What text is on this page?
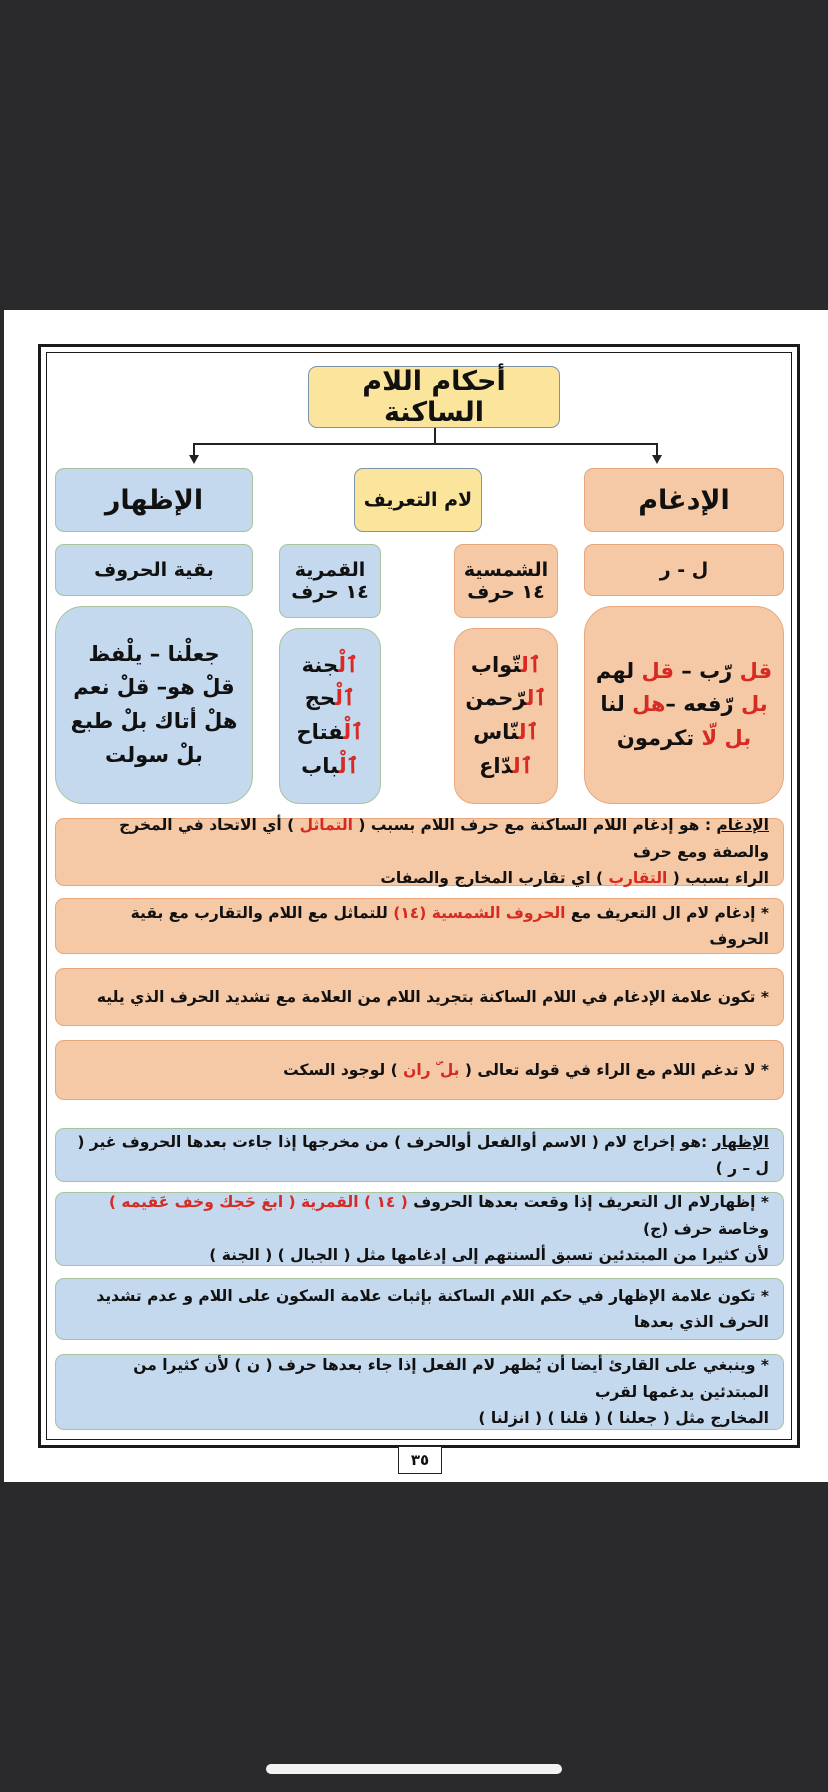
أحكام اللام الساكنة
الإدغام
لام التعريف
الإظهار
ل - ر
الشمسية
١٤ حرف
القمرية
١٤ حرف
بقية الحروف
قل رّب – قل لهم
بل رّفعه –هل لنا
بل لّا تكرمون
ٱلتّواب
ٱلرّحمن
ٱلنّاس
ٱلدّاع
ٱلْجنة
ٱلْحج
ٱلْفتاح
ٱلْباب
جعلنا – يلفظ
قلْ هو– قلْ نعم
هلْ أتاك بلْ طبع
بلْ سولت
الإدغام : هو إدغام اللام الساكنة مع حرف اللام بسبب ( التماثل ) أي الاتحاد في المخرج والصفة ومع حرف
الراء بسبب ( التقارب ) اي تقارب المخارج والصفات
* إدغام لام ال التعريف مع الحروف الشمسية (١٤) للتماثل مع اللام والتقارب مع بقية الحروف
* تكون علامة الإدغام في اللام الساكنة بتجريد اللام من العلامة مع تشديد الحرف الذي يليه
* لا تدغم اللام مع الراء في قوله تعالى ( بل ۜ ران ) لوجود السكت
الإظهار :هو إخراج لام ( الاسم أوالفعل أوالحرف ) من مخرجها إذا جاءت بعدها الحروف غير ( ل – ر )
* إظهارلام ال التعريف إذا وقعت بعدها الحروف ( ١٤ ) القمرية ( ابغ حَجك وخف عَقيمه ) وخاصة حرف (ج)
لأن كثيرا من المبتدئين تسبق ألسنتهم إلى إدغامها مثل ( الجبال ) ( الجنة )
* تكون علامة الإظهار في حكم اللام الساكنة بإثبات علامة السكون على اللام و عدم تشديد الحرف الذي بعدها
* وينبغي على القارئ أيضا أن يُظهر لام الفعل إذا جاء بعدها حرف ( ن ) لأن كثيرا من المبتدئين يدغمها لقرب
المخارج مثل ( جعلنا ) ( قلنا ) ( انزلنا )
٣٥
